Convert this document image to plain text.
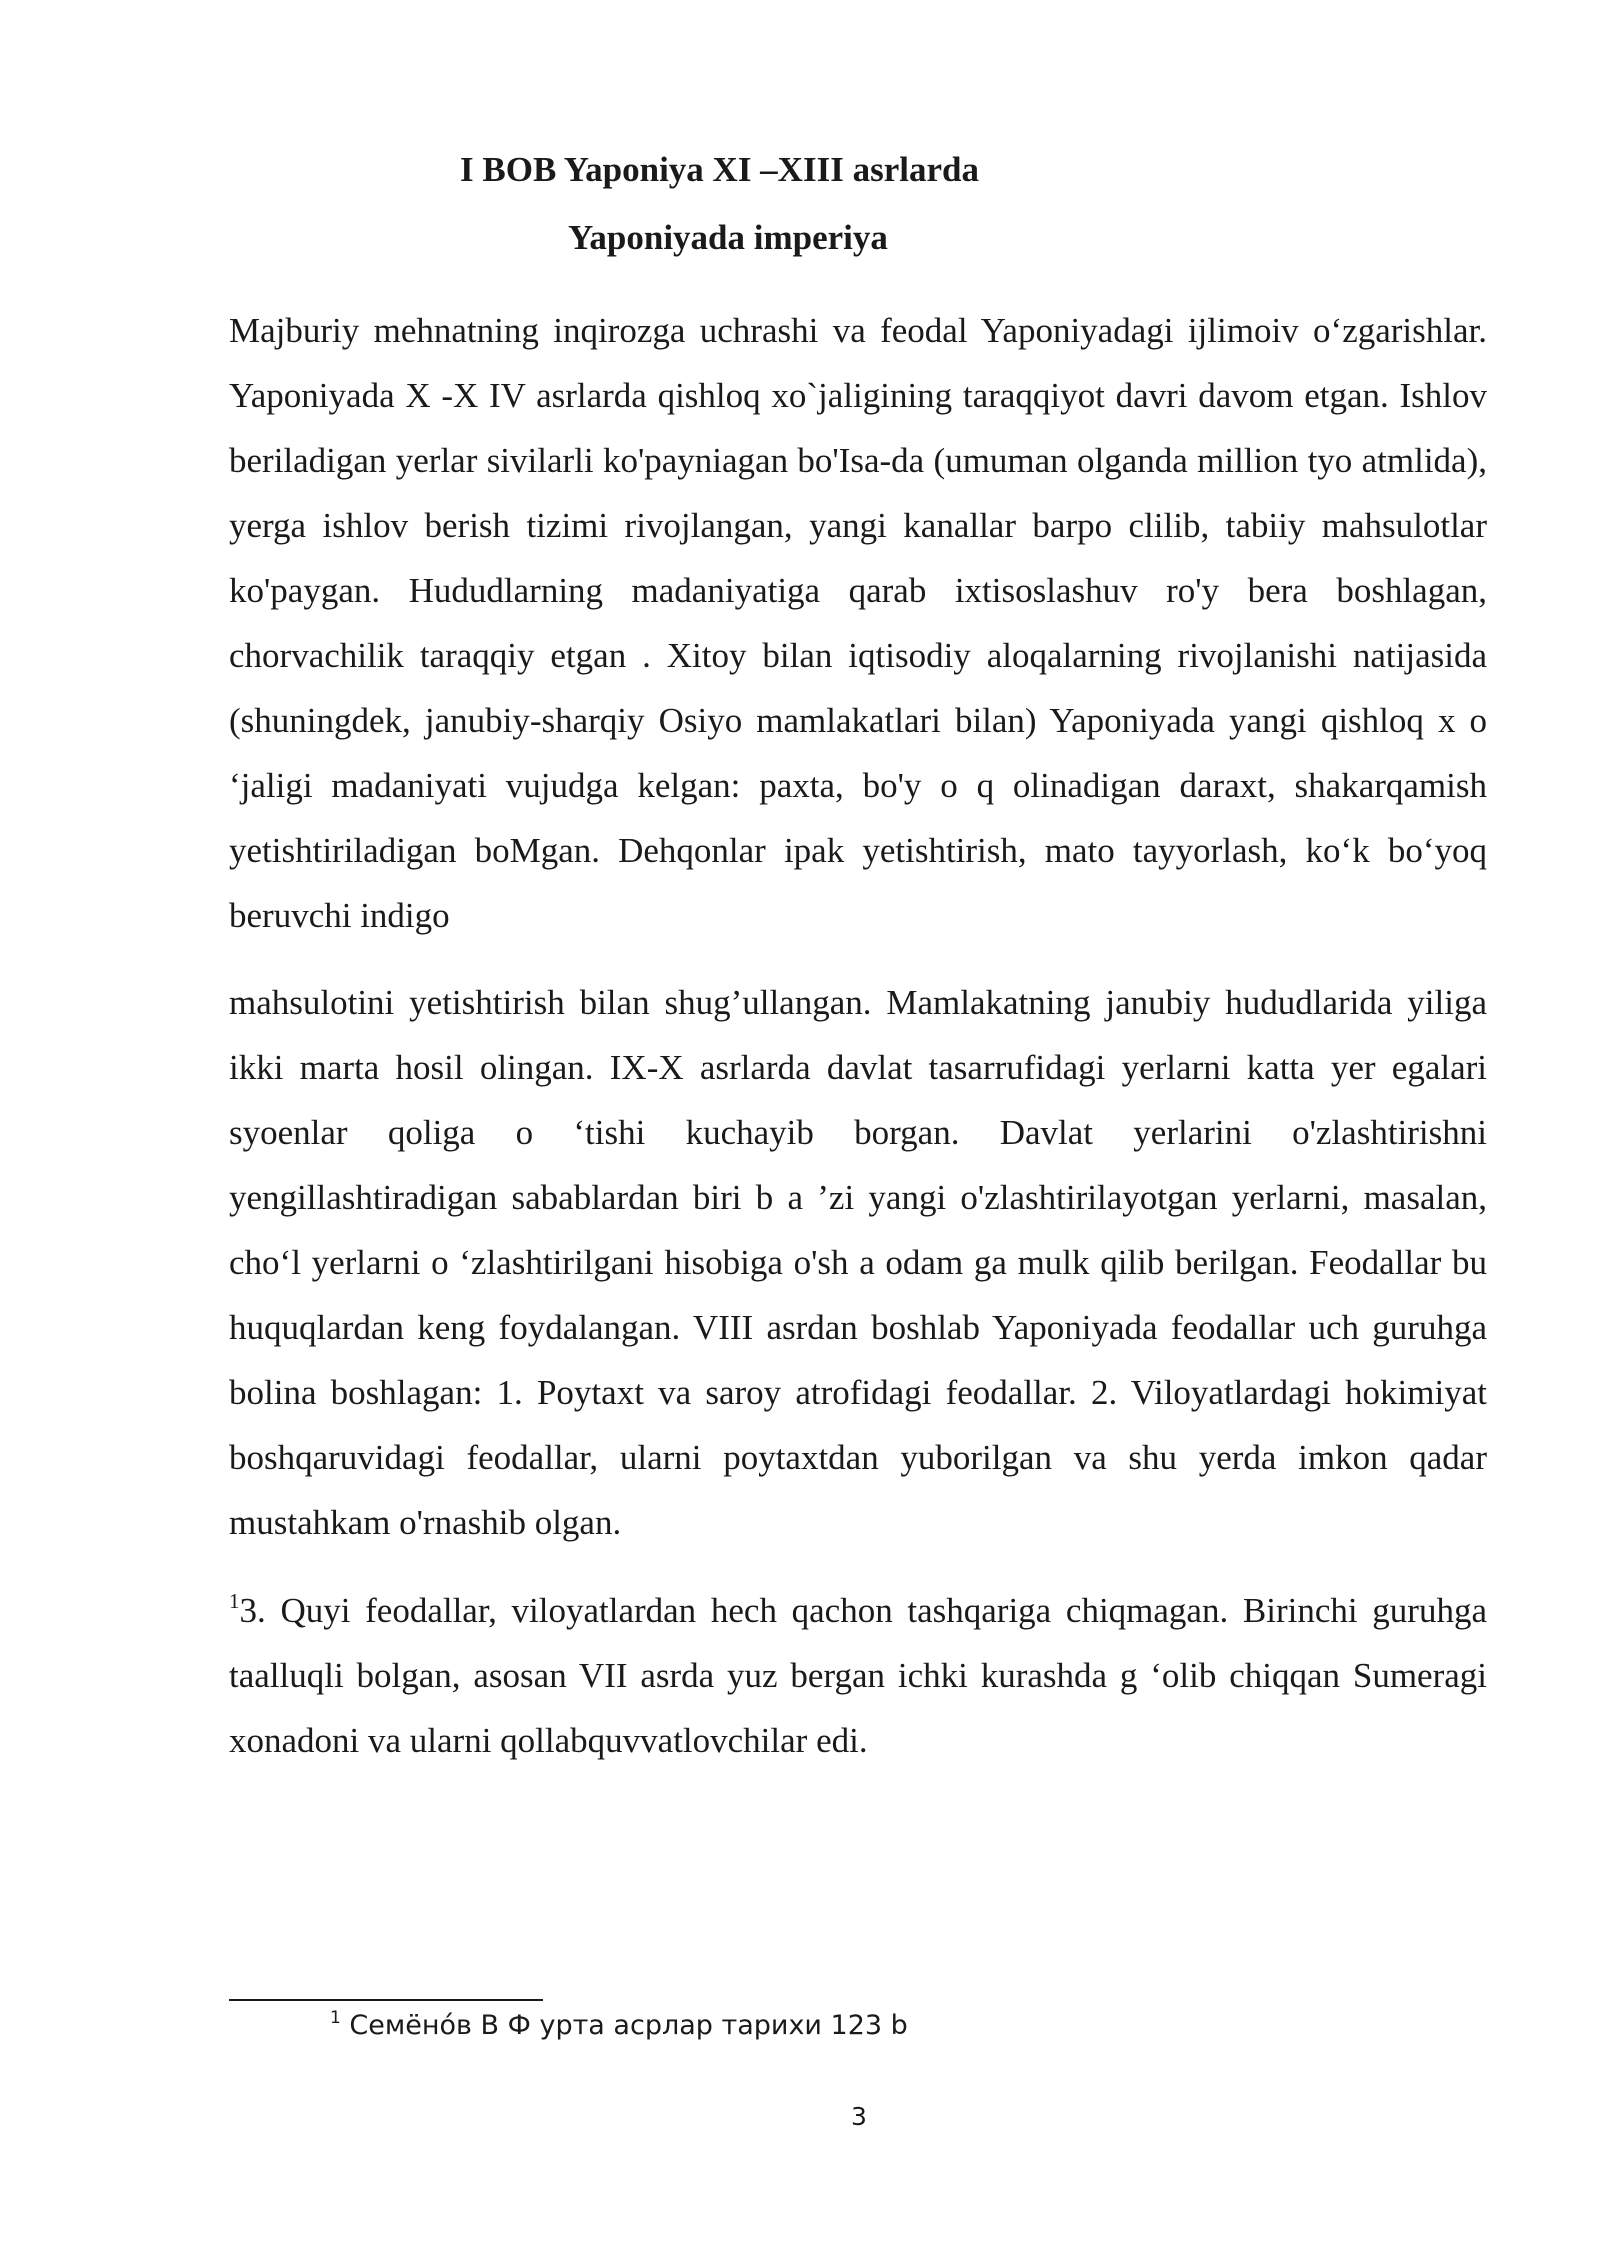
I BOB Yaponiya XI –XIII asrlarda
Yaponiyada imperiya

Majburiy mehnatning inqirozga uchrashi va feodal Yaponiyadagi ijlimoiv o‘zgarishlar. Yaponiyada X -X IV asrlarda qishloq xo`jaligining taraqqiyot davri davom etgan. Ishlov beriladigan yerlar sivilarli ko'payniagan bo'Isa-da (umuman olganda million tyo atmlida), yerga ishlov berish tizimi rivojlangan, yangi kanallar barpo clilib, tabiiy mahsulotlar ko'paygan. Hududlarning madaniyatiga qarab ixtisoslashuv ro'y bera boshlagan, chorvachilik taraqqiy etgan . Xitoy bilan iqtisodiy aloqalarning rivojlanishi natijasida (shuningdek, janubiy-sharqiy Osiyo mamlakatlari bilan) Yaponiyada yangi qishloq x o ‘jaligi madaniyati vujudga kelgan: paxta, bo'y o q olinadigan daraxt, shakarqamish yetishtiriladigan boMgan. Dehqonlar ipak yetishtirish, mato tayyorlash, ko‘k bo‘yoq beruvchi indigo

mahsulotini yetishtirish bilan shug’ullangan. Mamlakatning janubiy hududlarida yiliga ikki marta hosil olingan. IX-X asrlarda davlat tasarrufidagi yerlarni katta yer egalari syoenlar qoliga o ‘tishi kuchayib borgan. Davlat yerlarini o'zlashtirishni yengillashtiradigan sabablardan biri b a ’zi yangi o'zlashtirilayotgan yerlarni, masalan, cho‘l yerlarni o ‘zlashtirilgani hisobiga o'sh a odam ga mulk qilib berilgan. Feodallar bu huquqlardan keng foydalangan. VIII asrdan boshlab Yaponiyada feodallar uch guruhga bolina boshlagan: 1. Poytaxt va saroy atrofidagi feodallar. 2. Viloyatlardagi hokimiyat boshqaruvidagi feodallar, ularni poytaxtdan yuborilgan va shu yerda imkon qadar mustahkam o'rnashib olgan.

$^1$3. Quyi feodallar, viloyatlardan hech qachon tashqariga chiqmagan. Birinchi guruhga taalluqli bolgan, asosan VII asrda yuz bergan ichki kurashda g ‘olib chiqqan Sumeragi xonadoni va ularni qollabquvvatlovchilar edi.

$^1$ Семёно́в В Ф урта асрлар тарихи 123 b

3
